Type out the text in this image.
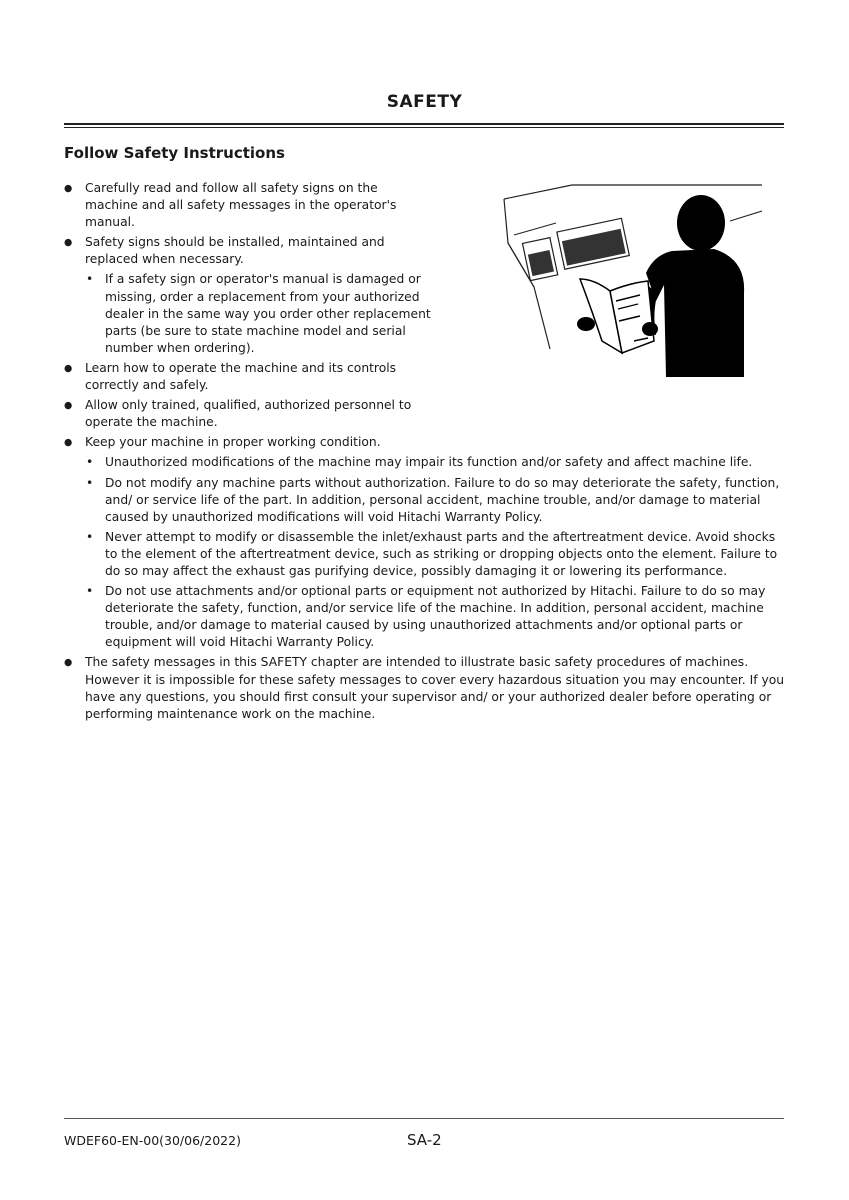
SAFETY
Follow Safety Instructions
● Carefully read and follow all safety signs on the machine and all safety messages in the operator's manual.
● Safety signs should be installed, maintained and replaced when necessary.
• If a safety sign or operator's manual is damaged or missing, order a replacement from your authorized dealer in the same way you order other replacement parts (be sure to state machine model and serial number when ordering).
● Learn how to operate the machine and its controls correctly and safely.
● Allow only trained, qualified, authorized personnel to operate the machine.
● Keep your machine in proper working condition.
• Unauthorized modifications of the machine may impair its function and/or safety and affect machine life.
• Do not modify any machine parts without authorization. Failure to do so may deteriorate the safety, function, and/ or service life of the part. In addition, personal accident, machine trouble, and/or damage to material caused by unauthorized modifications will void Hitachi Warranty Policy.
• Never attempt to modify or disassemble the inlet/exhaust parts and the aftertreatment device. Avoid shocks to the element of the aftertreatment device, such as striking or dropping objects onto the element. Failure to do so may affect the exhaust gas purifying device, possibly damaging it or lowering its performance.
• Do not use attachments and/or optional parts or equipment not authorized by Hitachi. Failure to do so may deteriorate the safety, function, and/or service life of the machine. In addition, personal accident, machine trouble, and/or damage to material caused by using unauthorized attachments and/or optional parts or equipment will void Hitachi Warranty Policy.
● The safety messages in this SAFETY chapter are intended to illustrate basic safety procedures of machines. However it is impossible for these safety messages to cover every hazardous situation you may encounter. If you have any questions, you should first consult your supervisor and/ or your authorized dealer before operating or performing maintenance work on the machine.
WDEF60-EN-00(30/06/2022)	SA-2
